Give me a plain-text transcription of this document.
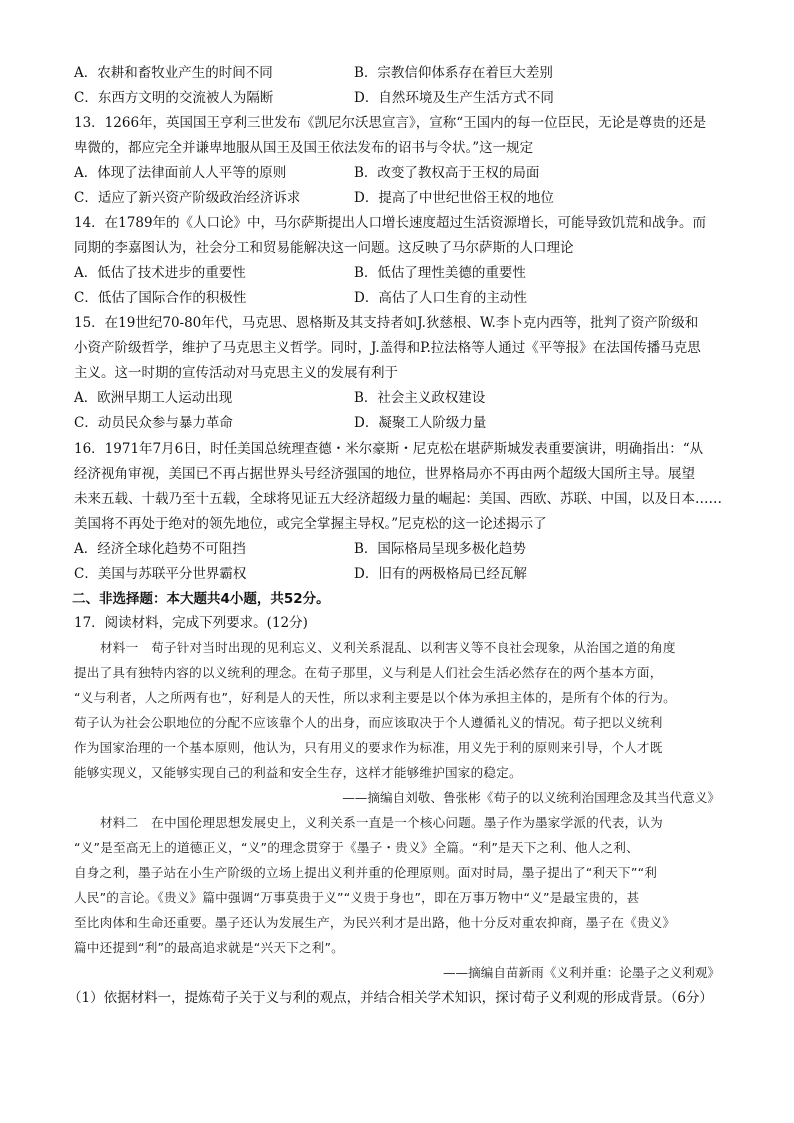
A．农耕和畜牧业产生的时间不同	B．宗教信仰体系存在着巨大差别
C．东西方文明的交流被人为隔断	D．自然环境及生产生活方式不同
13．1266年，英国国王亨利三世发布《凯尼尔沃思宣言》，宣称“王国内的每一位臣民，无论是尊贵的还是
卑微的，都应完全并谦卑地服从国王及国王依法发布的诏书与令状。”这一规定
A．体现了法律面前人人平等的原则	B．改变了教权高于王权的局面
C．适应了新兴资产阶级政治经济诉求	D．提高了中世纪世俗王权的地位
14．在1789年的《人口论》中，马尔萨斯提出人口增长速度超过生活资源增长，可能导致饥荒和战争。而
同期的李嘉图认为，社会分工和贸易能解决这一问题。这反映了马尔萨斯的人口理论
A．低估了技术进步的重要性	B．低估了理性美德的重要性
C．低估了国际合作的积极性	D．高估了人口生育的主动性
15．在19世纪70-80年代，马克思、恩格斯及其支持者如J.狄慈根、W.李卜克内西等，批判了资产阶级和
小资产阶级哲学，维护了马克思主义哲学。同时，J.盖得和P.拉法格等人通过《平等报》在法国传播马克思
主义。这一时期的宣传活动对马克思主义的发展有利于
A．欧洲早期工人运动出现	B．社会主义政权建设
C．动员民众参与暴力革命	D．凝聚工人阶级力量
16．1971年7月6日，时任美国总统理查德・米尔豪斯・尼克松在堪萨斯城发表重要演讲，明确指出：“从
经济视角审视，美国已不再占据世界头号经济强国的地位，世界格局亦不再由两个超级大国所主导。展望
未来五载、十载乃至十五载，全球将见证五大经济超级力量的崛起：美国、西欧、苏联、中国，以及日本……
美国将不再处于绝对的领先地位，或完全掌握主导权。”尼克松的这一论述揭示了
A．经济全球化趋势不可阻挡	B．国际格局呈现多极化趋势
C．美国与苏联平分世界霸权	D．旧有的两极格局已经瓦解
二、非选择题：本大题共4小题，共52分。
17．阅读材料，完成下列要求。(12分)
材料一　荀子针对当时出现的见利忘义、义利关系混乱、以利害义等不良社会现象，从治国之道的角度
提出了具有独特内容的以义统利的理念。在荀子那里，义与利是人们社会生活必然存在的两个基本方面，
“义与利者，人之所两有也”，好利是人的天性，所以求利主要是以个体为承担主体的，是所有个体的行为。
荀子认为社会公职地位的分配不应该靠个人的出身，而应该取决于个人遵循礼义的情况。荀子把以义统利
作为国家治理的一个基本原则，他认为，只有用义的要求作为标准，用义先于利的原则来引导，个人才既
能够实现义，又能够实现自己的利益和安全生存，这样才能够维护国家的稳定。
——摘编自刘敬、鲁张彬《荀子的以义统利治国理念及其当代意义》
材料二　在中国伦理思想发展史上，义利关系一直是一个核心问题。墨子作为墨家学派的代表，认为
“义”是至高无上的道德正义，“义”的理念贯穿于《墨子・贵义》全篇。“利”是天下之利、他人之利、
自身之利，墨子站在小生产阶级的立场上提出义利并重的伦理原则。面对时局，墨子提出了“利天下”“利
人民”的言论。《贵义》篇中强调“万事莫贵于义”“义贵于身也”，即在万事万物中“义”是最宝贵的，甚
至比肉体和生命还重要。墨子还认为发展生产，为民兴利才是出路，他十分反对重农抑商，墨子在《贵义》
篇中还提到“利”的最高追求就是“兴天下之利”。
——摘编自苗新雨《义利并重：论墨子之义利观》
（1）依据材料一，提炼荀子关于义与利的观点，并结合相关学术知识，探讨荀子义利观的形成背景。（6分）
